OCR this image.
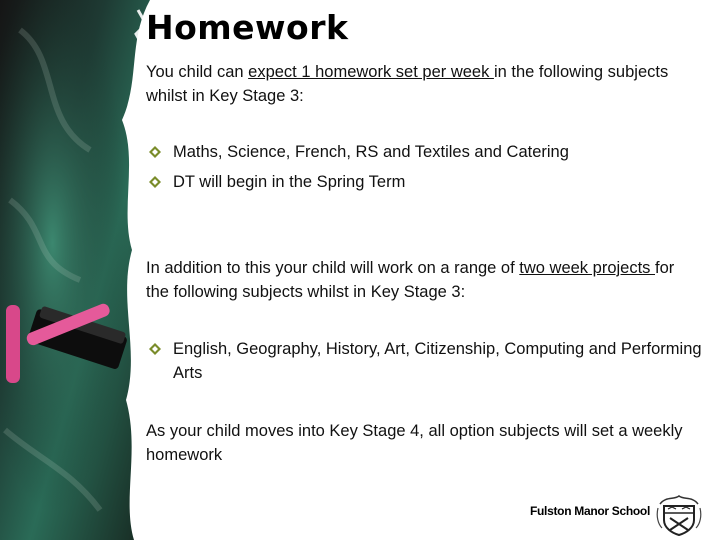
Homework
You child can expect 1 homework set per week in the following subjects whilst in Key Stage 3:
Maths, Science, French, RS and Textiles and Catering
DT will begin in the Spring Term
In addition to this your child will work on a range of two week projects for the following subjects whilst in Key Stage 3:
English, Geography, History, Art, Citizenship, Computing and Performing Arts
As your child moves into Key Stage 4, all option subjects will set a weekly homework
Fulston Manor School
